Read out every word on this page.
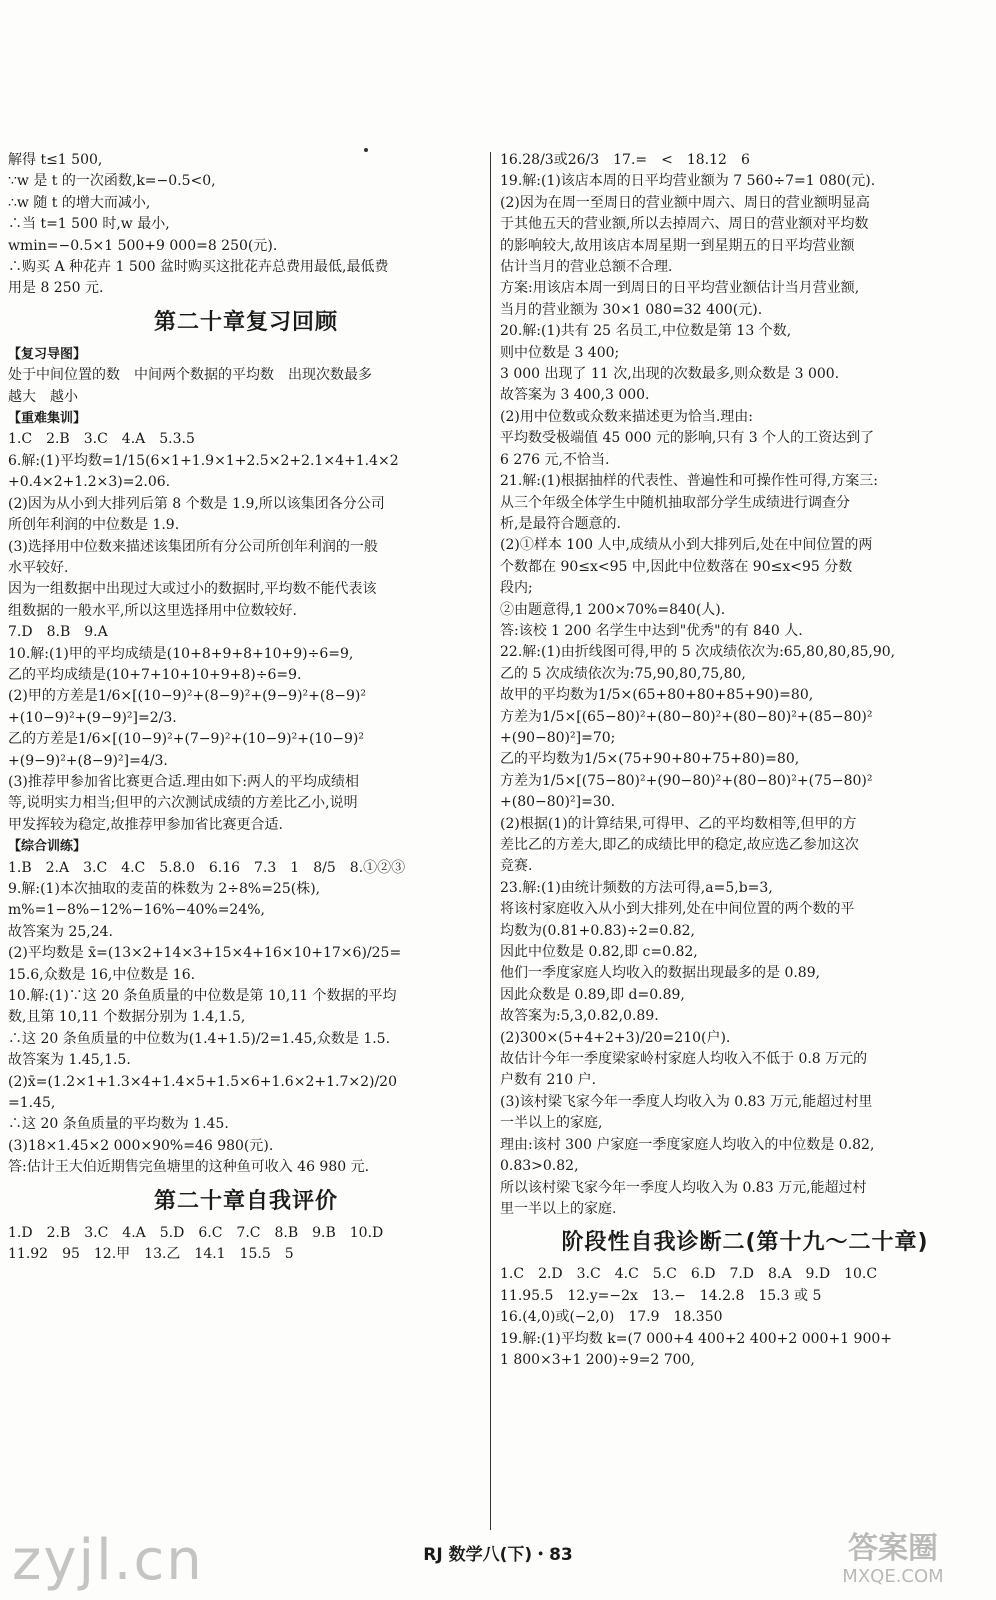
解得 t≤1 500,
∵w 是 t 的一次函数,k=−0.5<0,
∴w 随 t 的增大而减小,
∴当 t=1 500 时,w 最小,
wmin=−0.5×1 500+9 000=8 250(元).
∴购买 A 种花卉 1 500 盆时购买这批花卉总费用最低,最低费
用是 8 250 元.
第二十章复习回顾
【复习导图】
处于中间位置的数　中间两个数据的平均数　出现次数最多
越大　越小
【重难集训】
1.C　2.B　3.C　4.A　5.3.5
6.解:(1)平均数=1/15(6×1+1.9×1+2.5×2+2.1×4+1.4×2
+0.4×2+1.2×3)=2.06.
(2)因为从小到大排列后第 8 个数是 1.9,所以该集团各分公司
所创年利润的中位数是 1.9.
(3)选择用中位数来描述该集团所有分公司所创年利润的一般
水平较好.
因为一组数据中出现过大或过小的数据时,平均数不能代表该
组数据的一般水平,所以这里选择用中位数较好.
7.D　8.B　9.A
10.解:(1)甲的平均成绩是(10+8+9+8+10+9)÷6=9,
乙的平均成绩是(10+7+10+10+9+8)÷6=9.
(2)甲的方差是1/6×[(10−9)²+(8−9)²+(9−9)²+(8−9)²
+(10−9)²+(9−9)²]=2/3.
乙的方差是1/6×[(10−9)²+(7−9)²+(10−9)²+(10−9)²
+(9−9)²+(8−9)²]=4/3.
(3)推荐甲参加省比赛更合适.理由如下:两人的平均成绩相
等,说明实力相当;但甲的六次测试成绩的方差比乙小,说明
甲发挥较为稳定,故推荐甲参加省比赛更合适.
【综合训练】
1.B　2.A　3.C　4.C　5.8.0　6.16　7.3　1　8/5　8.①②③
9.解:(1)本次抽取的麦苗的株数为 2÷8%=25(株),
m%=1−8%−12%−16%−40%=24%,
故答案为 25,24.
(2)平均数是 x̄=(13×2+14×3+15×4+16×10+17×6)/25=
15.6,众数是 16,中位数是 16.
10.解:(1)∵这 20 条鱼质量的中位数是第 10,11 个数据的平均
数,且第 10,11 个数据分别为 1.4,1.5,
∴这 20 条鱼质量的中位数为(1.4+1.5)/2=1.45,众数是 1.5.
故答案为 1.45,1.5.
(2)x̄=(1.2×1+1.3×4+1.4×5+1.5×6+1.6×2+1.7×2)/20
=1.45,
∴这 20 条鱼质量的平均数为 1.45.
(3)18×1.45×2 000×90%=46 980(元).
答:估计王大伯近期售完鱼塘里的这种鱼可收入 46 980 元.
第二十章自我评价
1.D　2.B　3.C　4.A　5.D　6.C　7.C　8.B　9.B　10.D
11.92　95　12.甲　13.乙　14.1　15.5　5
16.28/3或26/3　17.=　<　18.12　6
19.解:(1)该店本周的日平均营业额为 7 560÷7=1 080(元).
(2)因为在周一至周日的营业额中周六、周日的营业额明显高
于其他五天的营业额,所以去掉周六、周日的营业额对平均数
的影响较大,故用该店本周星期一到星期五的日平均营业额
估计当月的营业总额不合理.
方案:用该店本周一到周日的日平均营业额估计当月营业额,
当月的营业额为 30×1 080=32 400(元).
20.解:(1)共有 25 名员工,中位数是第 13 个数,
则中位数是 3 400;
3 000 出现了 11 次,出现的次数最多,则众数是 3 000.
故答案为 3 400,3 000.
(2)用中位数或众数来描述更为恰当.理由:
平均数受极端值 45 000 元的影响,只有 3 个人的工资达到了
6 276 元,不恰当.
21.解:(1)根据抽样的代表性、普遍性和可操作性可得,方案三:
从三个年级全体学生中随机抽取部分学生成绩进行调查分
析,是最符合题意的.
(2)①样本 100 人中,成绩从小到大排列后,处在中间位置的两
个数都在 90≤x<95 中,因此中位数落在 90≤x<95 分数
段内;
②由题意得,1 200×70%=840(人).
答:该校 1 200 名学生中达到"优秀"的有 840 人.
22.解:(1)由折线图可得,甲的 5 次成绩依次为:65,80,80,85,90,
乙的 5 次成绩依次为:75,90,80,75,80,
故甲的平均数为1/5×(65+80+80+85+90)=80,
方差为1/5×[(65−80)²+(80−80)²+(80−80)²+(85−80)²
+(90−80)²]=70;
乙的平均数为1/5×(75+90+80+75+80)=80,
方差为1/5×[(75−80)²+(90−80)²+(80−80)²+(75−80)²
+(80−80)²]=30.
(2)根据(1)的计算结果,可得甲、乙的平均数相等,但甲的方
差比乙的方差大,即乙的成绩比甲的稳定,故应选乙参加这次
竞赛.
23.解:(1)由统计频数的方法可得,a=5,b=3,
将该村家庭收入从小到大排列,处在中间位置的两个数的平
均数为(0.81+0.83)÷2=0.82,
因此中位数是 0.82,即 c=0.82,
他们一季度家庭人均收入的数据出现最多的是 0.89,
因此众数是 0.89,即 d=0.89,
故答案为:5,3,0.82,0.89.
(2)300×(5+4+2+3)/20=210(户).
故估计今年一季度梁家岭村家庭人均收入不低于 0.8 万元的
户数有 210 户.
(3)该村梁飞家今年一季度人均收入为 0.83 万元,能超过村里
一半以上的家庭,
理由:该村 300 户家庭一季度家庭人均收入的中位数是 0.82,
0.83>0.82,
所以该村梁飞家今年一季度人均收入为 0.83 万元,能超过村
里一半以上的家庭.
阶段性自我诊断二(第十九～二十章)
1.C　2.D　3.C　4.C　5.C　6.D　7.D　8.A　9.D　10.C
11.95.5　12.y=−2x　13.−　14.2.8　15.3 或 5
16.(4,0)或(−2,0)　17.9　18.350
19.解:(1)平均数 k=(7 000+4 400+2 400+2 000+1 900+
1 800×3+1 200)÷9=2 700,
RJ 数学八(下)・83
zyjl.cn	答案圈
MXQE.COM
